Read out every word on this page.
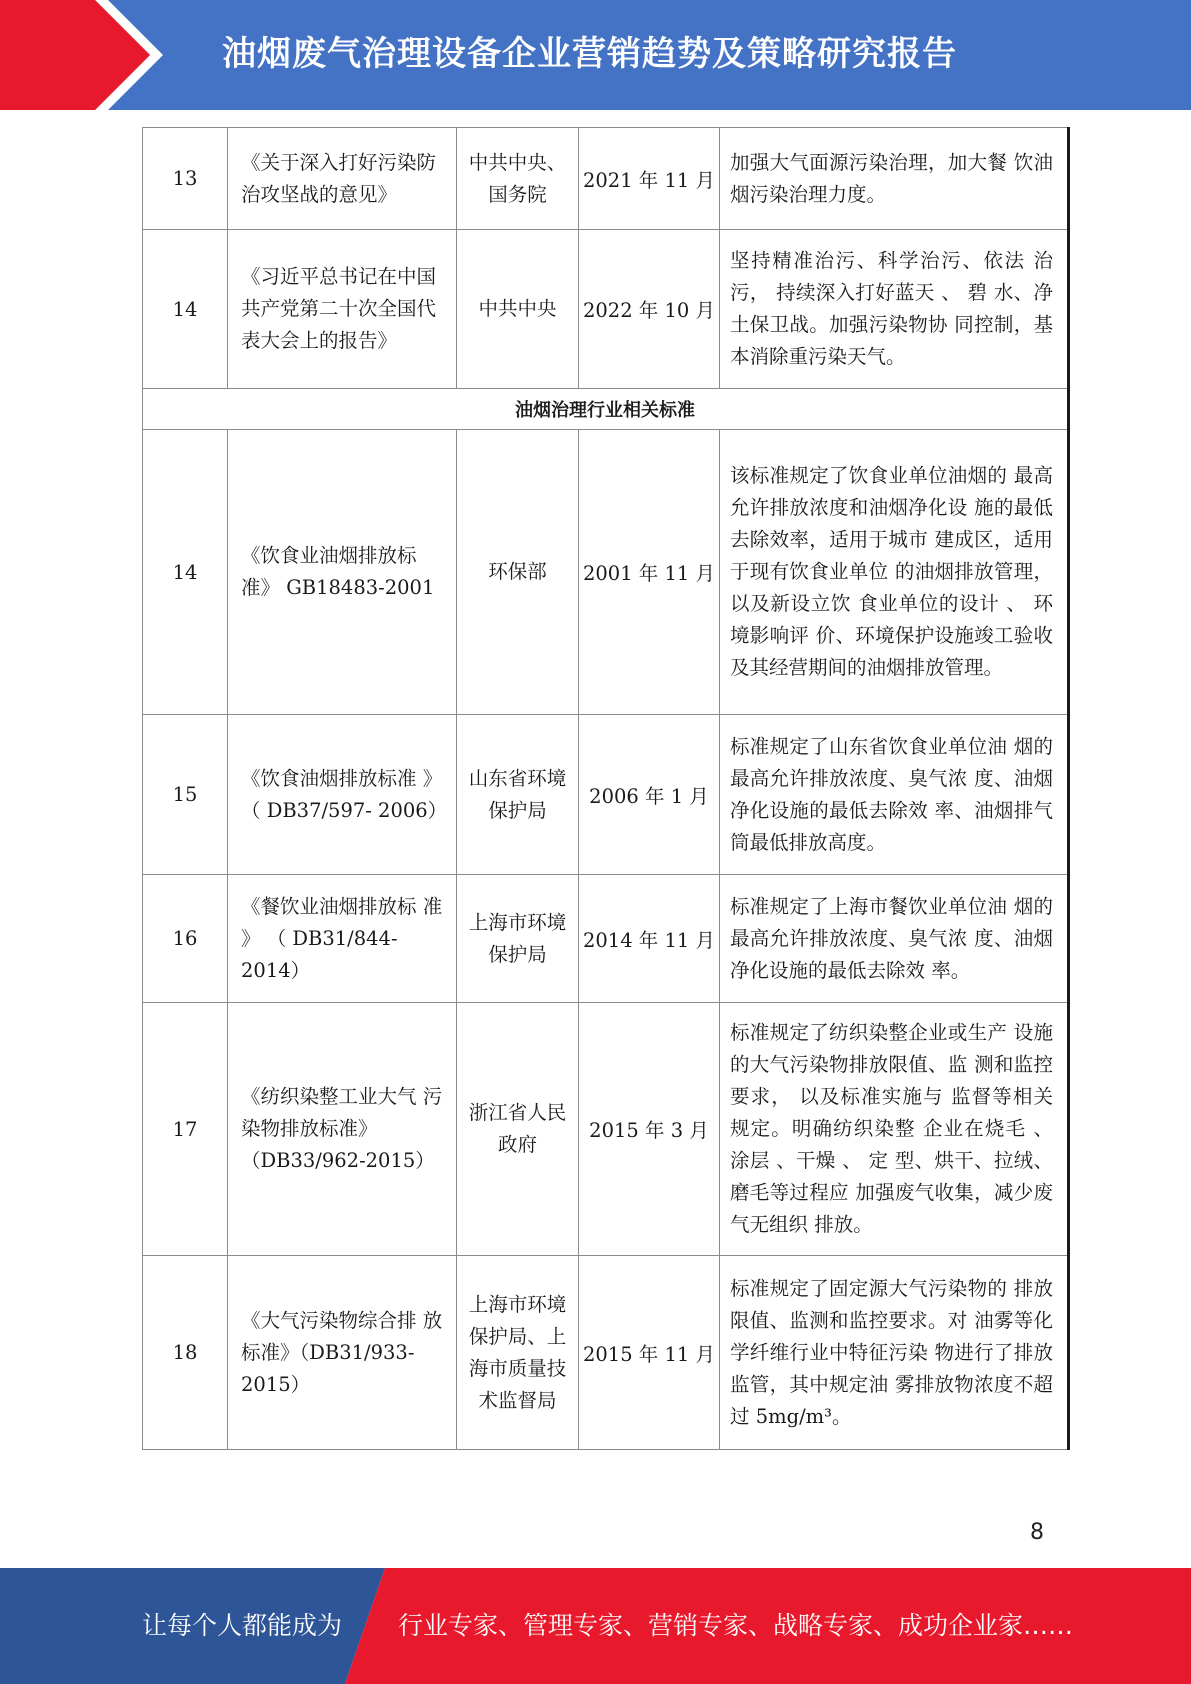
油烟废气治理设备企业营销趋势及策略研究报告
13	《关于深入打好污染防治攻坚战的意见》	中共中央、国务院	2021 年 11 月	加强大气面源污染治理，加大餐 饮油烟污染治理力度。
14	《习近平总书记在中国共产党第二十次全国代表大会上的报告》	中共中央	2022 年 10 月	坚持精准治污、科学治污、依法 治污， 持续深入打好蓝天 、 碧 水、净土保卫战。加强污染物协 同控制，基本消除重污染天气。
油烟治理行业相关标准				
14	《饮食业油烟排放标 准》 GB18483-2001	环保部	2001 年 11 月	该标准规定了饮食业单位油烟的 最高允许排放浓度和油烟净化设 施的最低去除效率，适用于城市 建成区，适用于现有饮食业单位 的油烟排放管理， 以及新设立饮 食业单位的设计 、 环境影响评 价、环境保护设施竣工验收及其经营期间的油烟排放管理。
15	《饮食油烟排放标准 》 （ DB37/597- 2006）	山东省环境保护局	2006 年 1 月	标准规定了山东省饮食业单位油 烟的最高允许排放浓度、臭气浓 度、油烟净化设施的最低去除效 率、油烟排气筒最低排放高度。
16	《餐饮业油烟排放标 准 》 （ DB31/844- 2014）	上海市环境保护局	2014 年 11 月	标准规定了上海市餐饮业单位油 烟的最高允许排放浓度、臭气浓 度、油烟净化设施的最低去除效 率。
17	《纺织染整工业大气 污染物排放标准》（DB33/962-2015）	浙江省人民政府	2015 年 3 月	标准规定了纺织染整企业或生产 设施的大气污染物排放限值、监 测和监控要求， 以及标准实施与 监督等相关规定。明确纺织染整 企业在烧毛 、 涂层 、干燥 、 定 型、烘干、拉绒、磨毛等过程应 加强废气收集，减少废气无组织 排放。
18	《大气污染物综合排 放标准》（DB31/933- 2015）	上海市环境保护局、上海市质量技术监督局	2015 年 11 月	标准规定了固定源大气污染物的 排放限值、监测和监控要求。对 油雾等化学纤维行业中特征污染 物进行了排放监管，其中规定油 雾排放物浓度不超过 5mg/m³。
8
让每个人都能成为 行业专家、管理专家、营销专家、战略专家、成功企业家……
